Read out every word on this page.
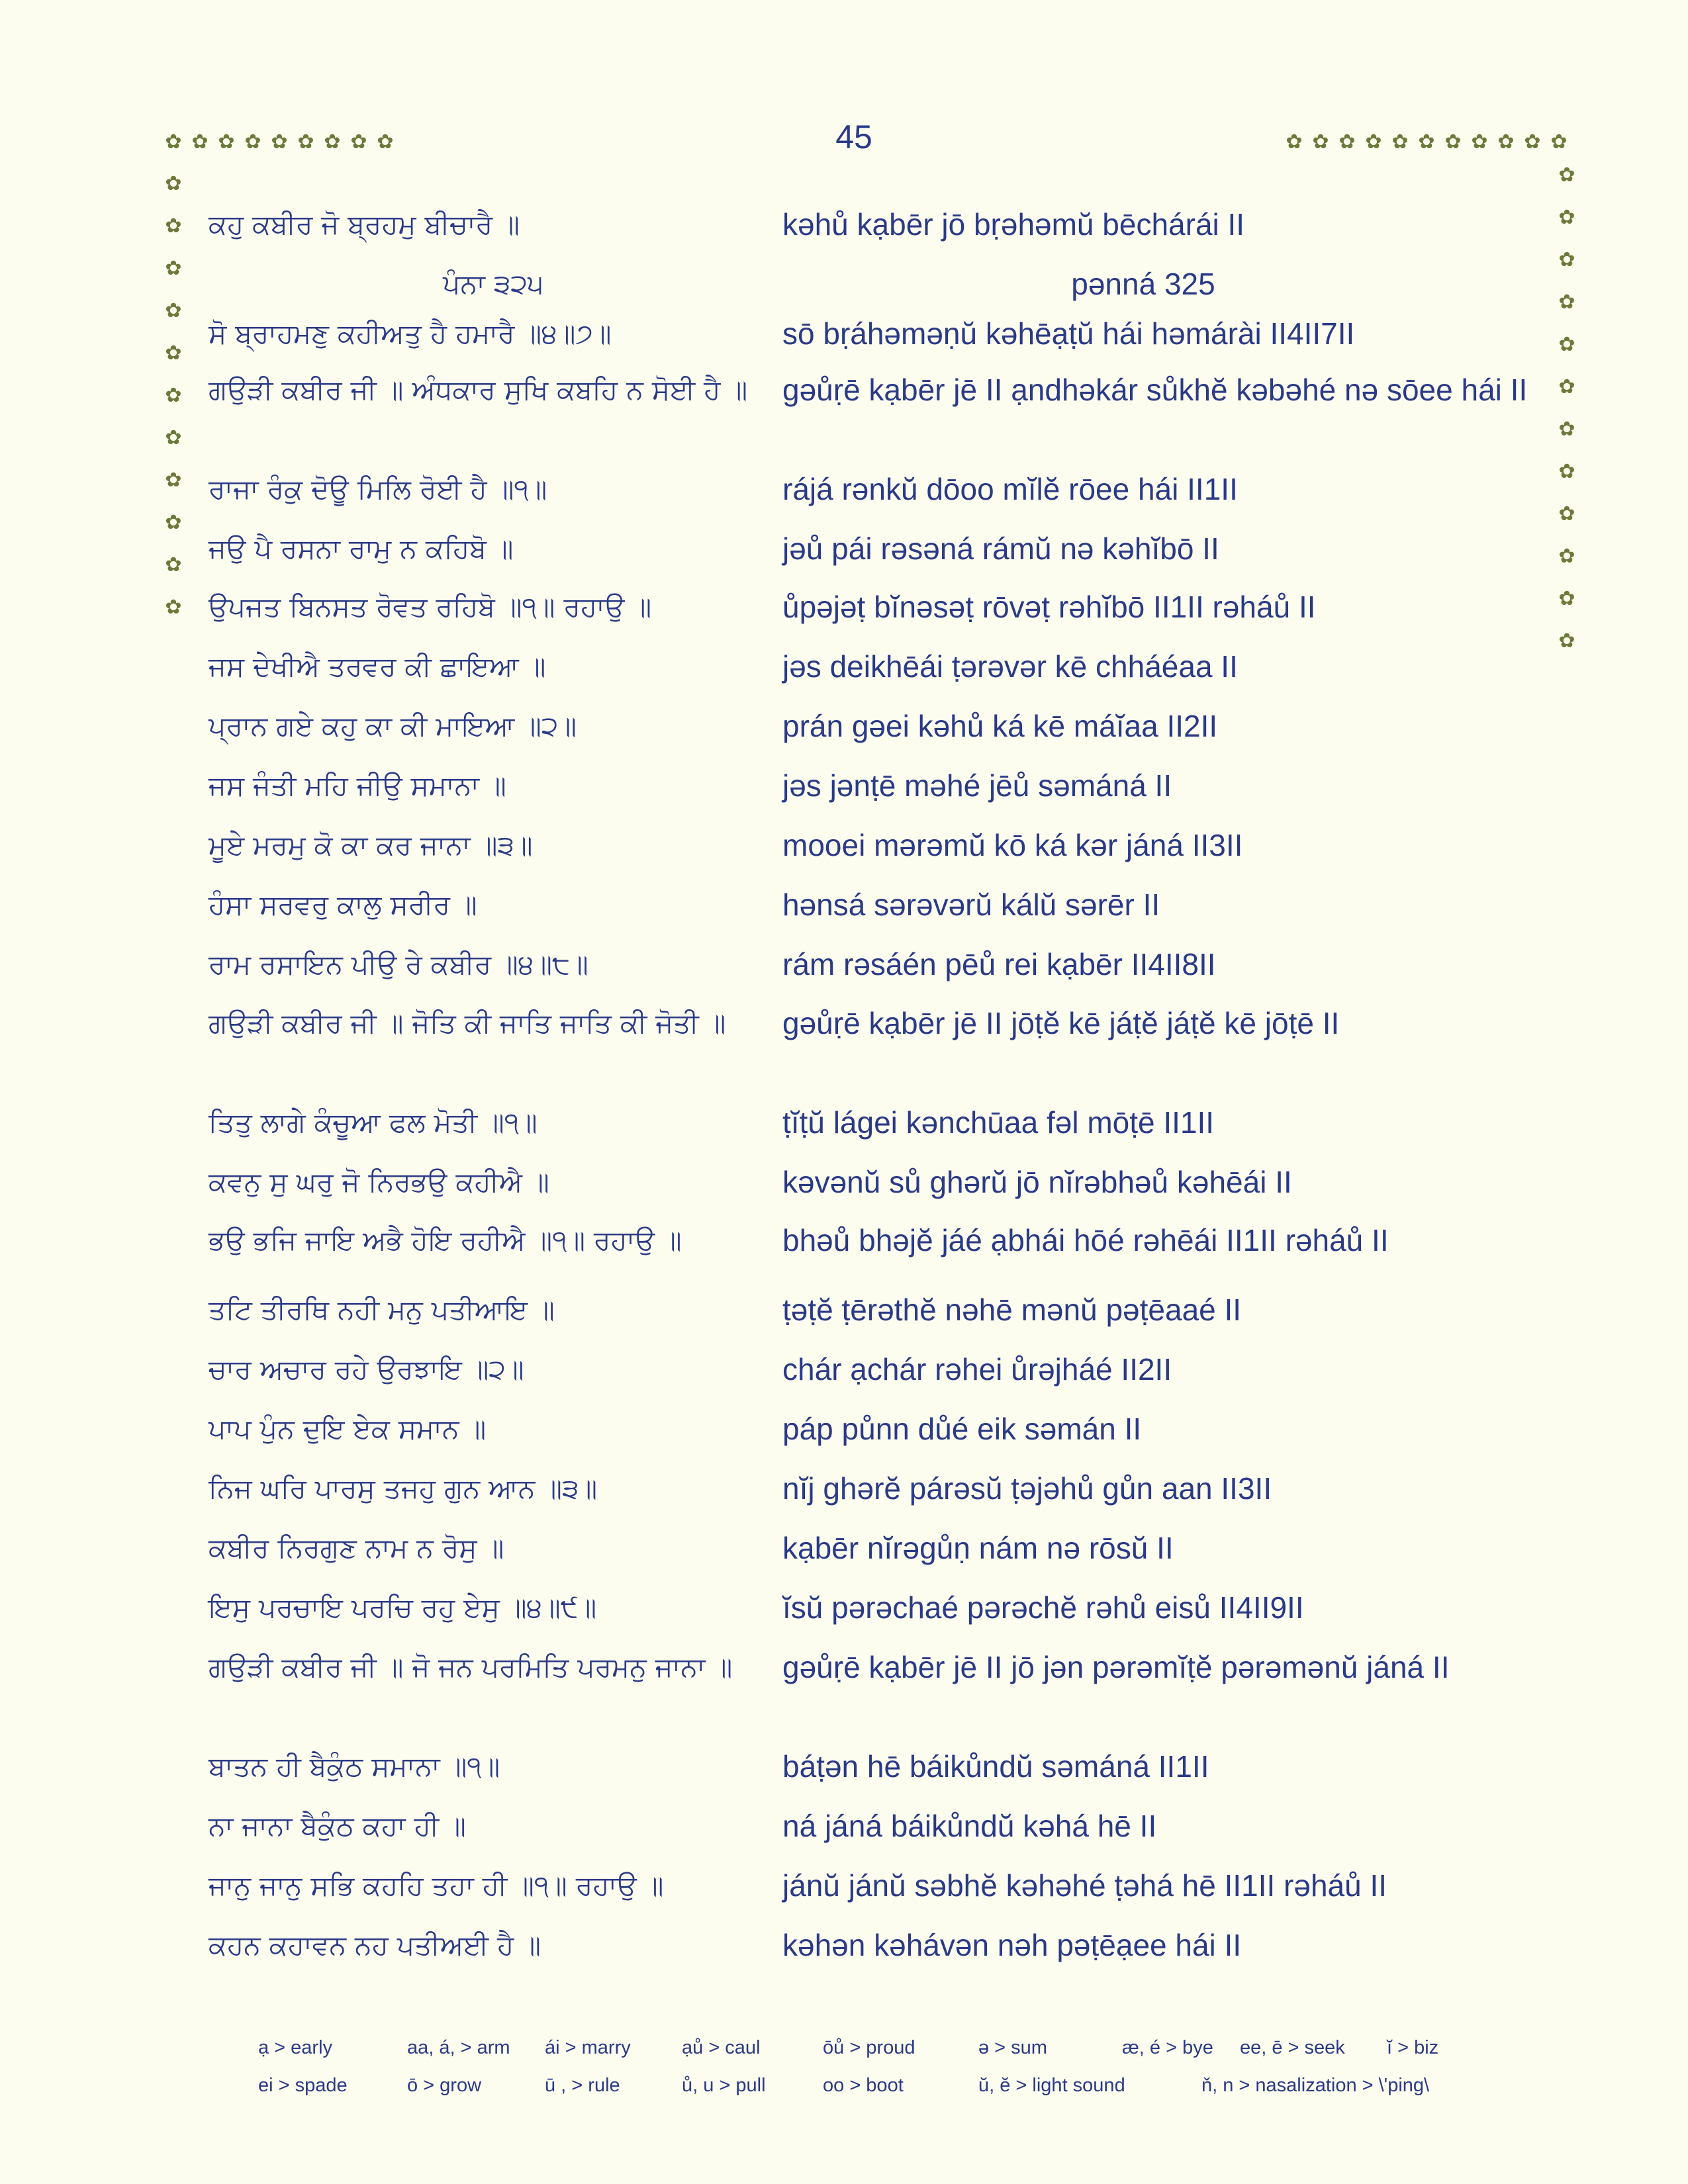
45
✿ ✿ ✿ ✿ ✿ ✿ ✿ ✿ ✿	✿ ✿ ✿ ✿ ✿ ✿ ✿ ✿ ✿ ✿ ✿
✿
✿
✿
✿
✿
✿
✿
✿
✿
✿
✿
✿
✿
✿
✿
✿
✿
✿
✿
✿
✿
✿
✿
ਕਹੁ ਕਬੀਰ ਜੋ ਬ੍ਰਹਮੁ ਬੀਚਾਰੈ ॥	kəhů kạbēr jō bṛəhəmŭ bēchárái II
ਪੰਨਾ ੩੨੫	pənná 325
ਸੋ ਬ੍ਰਾਹਮਣੁ ਕਹੀਅਤੁ ਹੈ ਹਮਾਰੈ ॥੪॥੭॥	sō bṛáhəməṇŭ kəhēạṭŭ hái həmárài II4II7II
ਗਉੜੀ ਕਬੀਰ ਜੀ ॥ ਅੰਧਕਾਰ ਸੁਖਿ ਕਬਹਿ ਨ ਸੋਈ ਹੈ ॥	gəůṛē kạbēr jē II ạndhəkár sůkhĕ kəbəhé nə sōee hái II
ਰਾਜਾ ਰੰਕੁ ਦੋਊ ਮਿਲਿ ਰੋਈ ਹੈ ॥੧॥	rájá rənkŭ dōoo mĭlĕ rōee hái II1II
ਜਉ ਪੈ ਰਸਨਾ ਰਾਮੁ ਨ ਕਹਿਬੋ ॥	jəů pái rəsəná rámŭ nə kəhĭbō II
ਉਪਜਤ ਬਿਨਸਤ ਰੋਵਤ ਰਹਿਬੋ ॥੧॥ ਰਹਾਉ ॥	ůpəjəṭ bĭnəsəṭ rōvəṭ rəhĭbō II1II rəháů II
ਜਸ ਦੇਖੀਐ ਤਰਵਰ ਕੀ ਛਾਇਆ ॥	jəs deikhēái ṭərəvər kē chháéaa II
ਪ੍ਰਾਨ ਗਏ ਕਹੁ ਕਾ ਕੀ ਮਾਇਆ ॥੨॥	prán gəei kəhů ká kē máĭaa II2II
ਜਸ ਜੰਤੀ ਮਹਿ ਜੀਉ ਸਮਾਨਾ ॥	jəs jənṭē məhé jēů səmáná II
ਮੂਏ ਮਰਮੁ ਕੋ ਕਾ ਕਰ ਜਾਨਾ ॥੩॥	mooei mərəmŭ kō ká kər jáná II3II
ਹੰਸਾ ਸਰਵਰੁ ਕਾਲੁ ਸਰੀਰ ॥	hənsá sərəvərŭ kálŭ sərēr II
ਰਾਮ ਰਸਾਇਨ ਪੀਉ ਰੇ ਕਬੀਰ ॥੪॥੮॥	rám rəsáén pēů rei kạbēr II4II8II
ਗਉੜੀ ਕਬੀਰ ਜੀ ॥ ਜੋਤਿ ਕੀ ਜਾਤਿ ਜਾਤਿ ਕੀ ਜੋਤੀ ॥	gəůṛē kạbēr jē II jōṭĕ kē jáṭĕ jáṭĕ kē jōṭē II
ਤਿਤੁ ਲਾਗੇ ਕੰਚੂਆ ਫਲ ਮੋਤੀ ॥੧॥	ṭĭṭŭ lágei kənchūaa fəl mōṭē II1II
ਕਵਨੁ ਸੁ ਘਰੁ ਜੋ ਨਿਰਭਉ ਕਹੀਐ ॥	kəvənŭ sů ghərŭ jō nĭrəbhəů kəhēái II
ਭਉ ਭਜਿ ਜਾਇ ਅਭੈ ਹੋਇ ਰਹੀਐ ॥੧॥ ਰਹਾਉ ॥	bhəů bhəjĕ jáé ạbhái hōé rəhēái II1II rəháů II
ਤਟਿ ਤੀਰਥਿ ਨਹੀ ਮਨੁ ਪਤੀਆਇ ॥	ṭəṭĕ ṭērəthĕ nəhē mənŭ pəṭēaaé II
ਚਾਰ ਅਚਾਰ ਰਹੇ ਉਰਝਾਇ ॥੨॥	chár ạchár rəhei ůrəjháé II2II
ਪਾਪ ਪੁੰਨ ਦੁਇ ਏਕ ਸਮਾਨ ॥	páp půnn důé eik səmán II
ਨਿਜ ਘਰਿ ਪਾਰਸੁ ਤਜਹੁ ਗੁਨ ਆਨ ॥੩॥	nĭj ghərĕ párəsŭ ṭəjəhů gůn aan II3II
ਕਬੀਰ ਨਿਰਗੁਣ ਨਾਮ ਨ ਰੋਸੁ ॥	kạbēr nĭrəgůṇ nám nə rōsŭ II
ਇਸੁ ਪਰਚਾਇ ਪਰਚਿ ਰਹੁ ਏਸੁ ॥੪॥੯॥	ĭsŭ pərəchaé pərəchĕ rəhů eisů II4II9II
ਗਉੜੀ ਕਬੀਰ ਜੀ ॥ ਜੋ ਜਨ ਪਰਮਿਤਿ ਪਰਮਨੁ ਜਾਨਾ ॥	gəůṛē kạbēr jē II jō jən pərəmĭṭĕ pərəmənŭ jáná II
ਬਾਤਨ ਹੀ ਬੈਕੁੰਠ ਸਮਾਨਾ ॥੧॥	báṭən hē báikůndŭ səmáná II1II
ਨਾ ਜਾਨਾ ਬੈਕੁੰਠ ਕਹਾ ਹੀ ॥	ná jáná báikůndŭ kəhá hē II
ਜਾਨੁ ਜਾਨੁ ਸਭਿ ਕਹਹਿ ਤਹਾ ਹੀ ॥੧॥ ਰਹਾਉ ॥	jánŭ jánŭ səbhĕ kəhəhé ṭəhá hē II1II rəháů II
ਕਹਨ ਕਹਾਵਨ ਨਹ ਪਤੀਅਈ ਹੈ ॥	kəhən kəhávən nəh pəṭēạee hái II
ạ > early	aa, á, > arm ái > marry	ạů > caul	ōů > proud	ə > sum	æ, é > bye ee, ē > seek ĭ > biz
ei > spade	ō > grow	ū , > rule	ů, u > pull	oo > boot	ŭ, ĕ > light sound	ň, n > nasalization > \'ping\
